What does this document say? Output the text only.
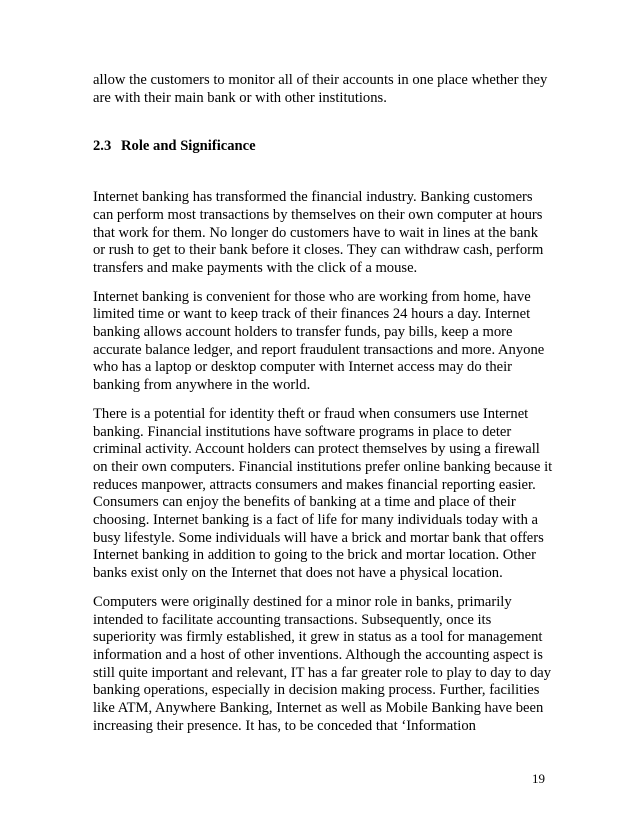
allow the customers to monitor all of their accounts in one place whether they are with their main bank or with other institutions.

2.3 Role and Significance

Internet banking has transformed the financial industry. Banking customers can perform most transactions by themselves on their own computer at hours that work for them. No longer do customers have to wait in lines at the bank or rush to get to their bank before it closes. They can withdraw cash, perform transfers and make payments with the click of a mouse.

Internet banking is convenient for those who are working from home, have limited time or want to keep track of their finances 24 hours a day. Internet banking allows account holders to transfer funds, pay bills, keep a more accurate balance ledger, and report fraudulent transactions and more. Anyone who has a laptop or desktop computer with Internet access may do their banking from anywhere in the world.

There is a potential for identity theft or fraud when consumers use Internet banking. Financial institutions have software programs in place to deter criminal activity. Account holders can protect themselves by using a firewall on their own computers. Financial institutions prefer online banking because it reduces manpower, attracts consumers and makes financial reporting easier. Consumers can enjoy the benefits of banking at a time and place of their choosing. Internet banking is a fact of life for many individuals today with a busy lifestyle. Some individuals will have a brick and mortar bank that offers Internet banking in addition to going to the brick and mortar location. Other banks exist only on the Internet that does not have a physical location.

Computers were originally destined for a minor role in banks, primarily intended to facilitate accounting transactions. Subsequently, once its superiority was firmly established, it grew in status as a tool for management information and a host of other inventions. Although the accounting aspect is still quite important and relevant, IT has a far greater role to play to day to day banking operations, especially in decision making process. Further, facilities like ATM, Anywhere Banking, Internet as well as Mobile Banking have been increasing their presence. It has, to be conceded that ‘Information

19
